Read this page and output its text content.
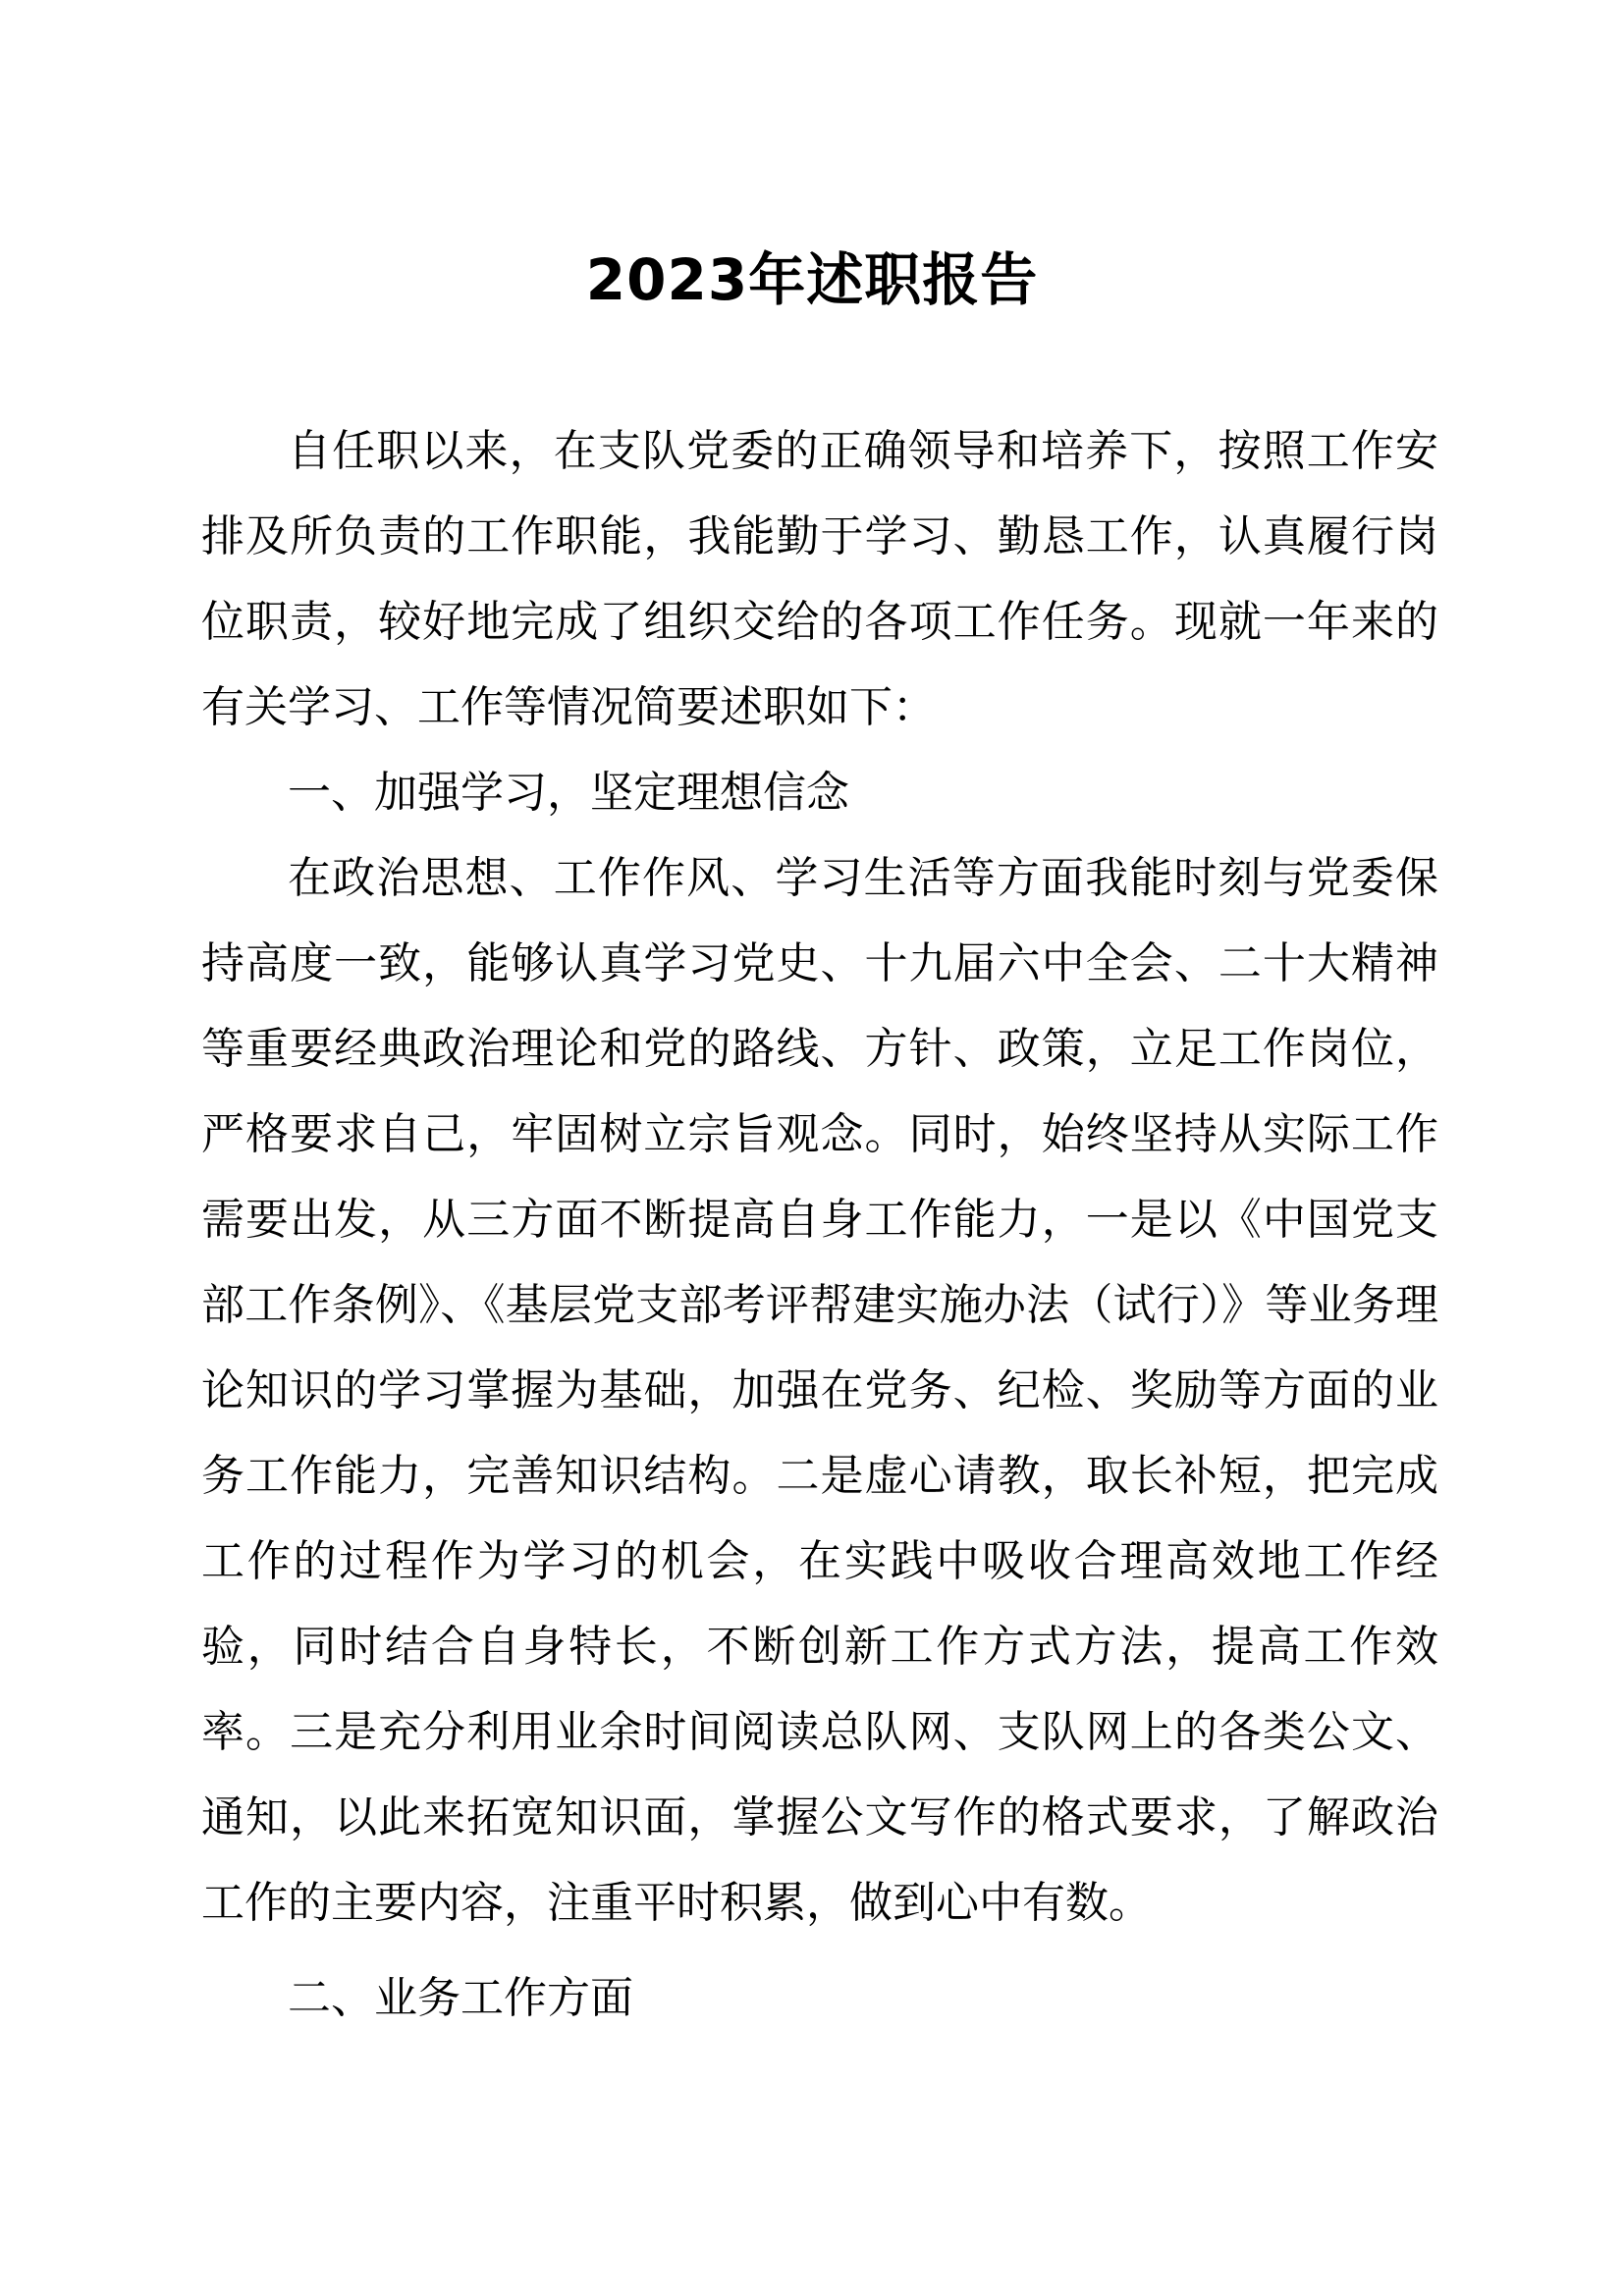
2023年述职报告

自任职以来，在支队党委的正确领导和培养下，按照工作安排及所负责的工作职能，我能勤于学习、勤恳工作，认真履行岗位职责，较好地完成了组织交给的各项工作任务。现就一年来的有关学习、工作等情况简要述职如下：

一、加强学习，坚定理想信念

在政治思想、工作作风、学习生活等方面我能时刻与党委保持高度一致，能够认真学习党史、十九届六中全会、二十大精神等重要经典政治理论和党的路线、方针、政策，立足工作岗位，严格要求自己，牢固树立宗旨观念。同时，始终坚持从实际工作需要出发，从三方面不断提高自身工作能力，一是以《中国党支部工作条例》、《基层党支部考评帮建实施办法（试行）》等业务理论知识的学习掌握为基础，加强在党务、纪检、奖励等方面的业务工作能力，完善知识结构。二是虚心请教，取长补短，把完成工作的过程作为学习的机会，在实践中吸收合理高效地工作经验，同时结合自身特长，不断创新工作方式方法，提高工作效率。三是充分利用业余时间阅读总队网、支队网上的各类公文、通知，以此来拓宽知识面，掌握公文写作的格式要求，了解政治工作的主要内容，注重平时积累，做到心中有数。

二、业务工作方面
